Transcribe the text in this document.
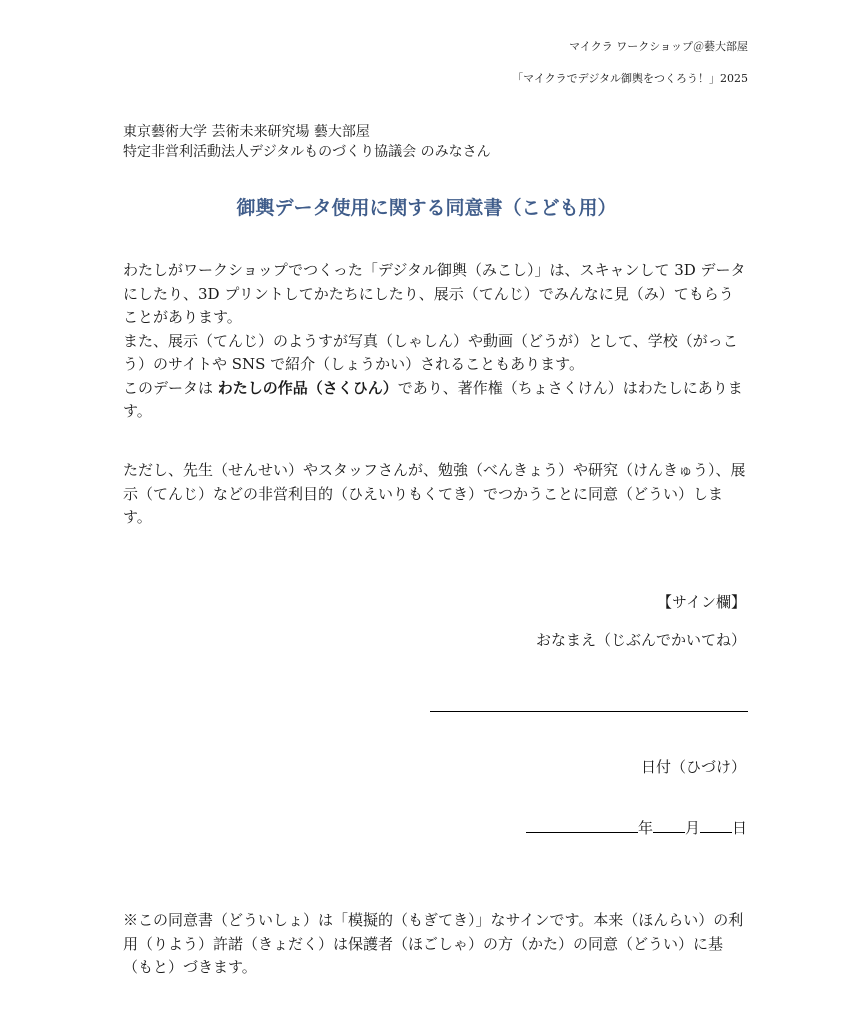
マイクラ ワークショップ＠藝大部屋
「マイクラでデジタル御輿をつくろう！」2025
東京藝術大学 芸術未来研究場 藝大部屋
特定非営利活動法人デジタルものづくり協議会 のみなさん
御輿データ使用に関する同意書（こども用）

わたしがワークショップでつくった「デジタル御輿（みこし）」は、スキャンして 3D データにしたり、3D プリントしてかたちにしたり、展示（てんじ）でみんなに見（み）てもらうことがあります。

また、展示（てんじ）のようすが写真（しゃしん）や動画（どうが）として、学校（がっこう）のサイトや SNS で紹介（しょうかい）されることもあります。

このデータは わたしの作品（さくひん）であり、著作権（ちょさくけん）はわたしにあります。

ただし、先生（せんせい）やスタッフさんが、勉強（べんきょう）や研究（けんきゅう）、展示（てんじ）などの非営利目的（ひえいりもくてき）でつかうことに同意（どうい）します。

【サイン欄】
おなまえ（じぶんでかいてね）
日付（ひづけ）
年 月 日
※この同意書（どういしょ）は「模擬的（もぎてき）」なサインです。本来（ほんらい）の利用（りよう）許諾（きょだく）は保護者（ほごしゃ）の方（かた）の同意（どうい）に基（もと）づきます。
